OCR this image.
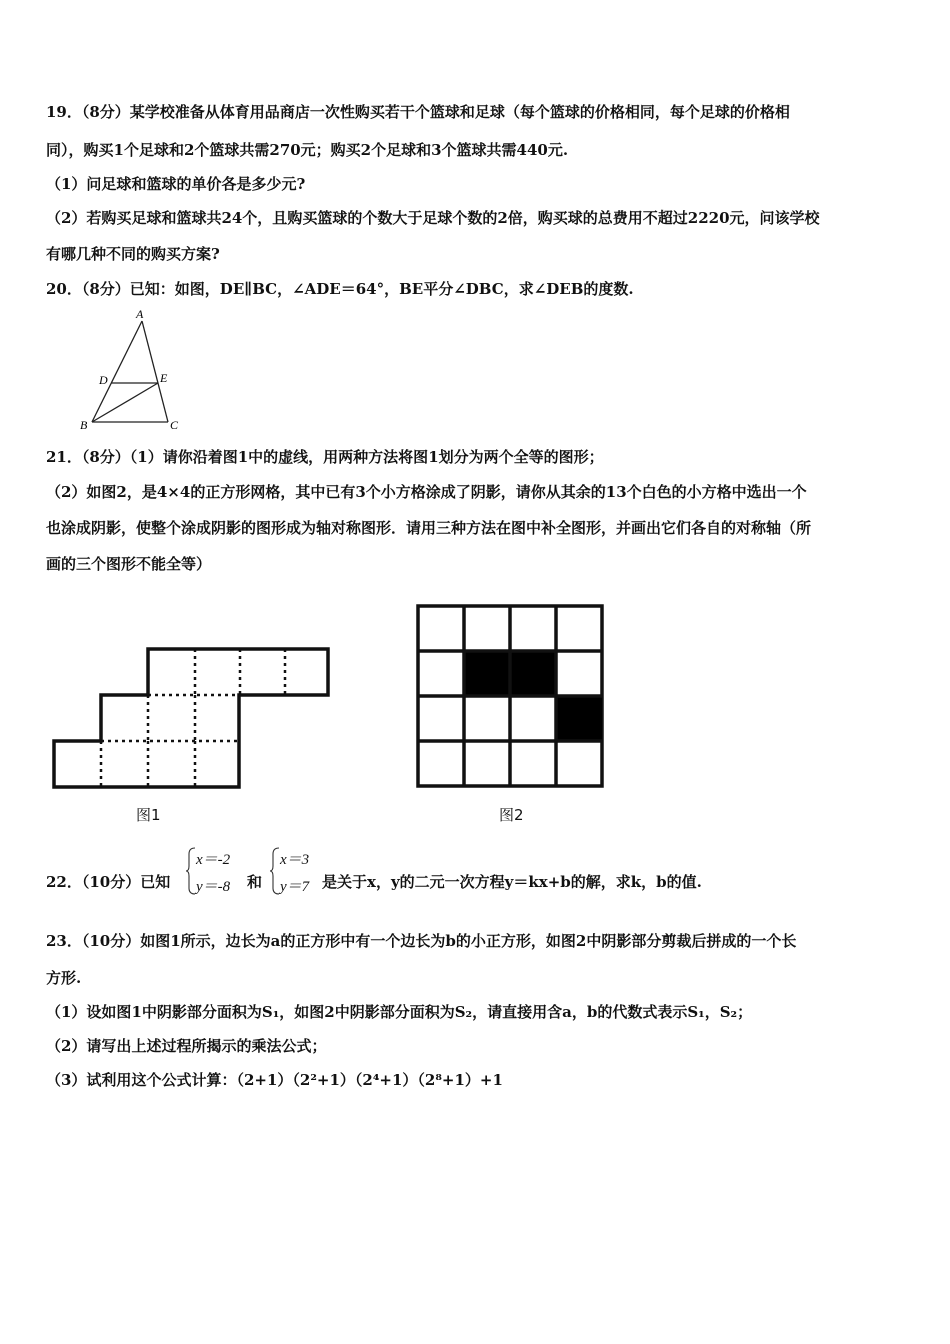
19．（8分）某学校准备从体育用品商店一次性购买若干个篮球和足球（每个篮球的价格相同，每个足球的价格相
同），购买1个足球和2个篮球共需270元；购买2个足球和3个篮球共需440元.
（1）问足球和篮球的单价各是多少元?
（2）若购买足球和篮球共24个，且购买篮球的个数大于足球个数的2倍，购买球的总费用不超过2220元，问该学校
有哪几种不同的购买方案?
20．（8分）已知：如图，DE∥BC，∠ADE＝64°，BE平分∠DBC，求∠DEB的度数.
A
D	E
B	C
21．（8分）（1）请你沿着图1中的虚线，用两种方法将图1划分为两个全等的图形；
（2）如图2，是4×4的正方形网格，其中已有3个小方格涂成了阴影，请你从其余的13个白色的小方格中选出一个
也涂成阴影，使整个涂成阴影的图形成为轴对称图形．请用三种方法在图中补全图形，并画出它们各自的对称轴（所
画的三个图形不能全等）
图1	图2
22．（10分）已知
x＝-2
y＝-8 和
x＝3
y＝7 是关于x，y的二元一次方程y＝kx+b的解，求k，b的值.
23．（10分）如图1所示，边长为a的正方形中有一个边长为b的小正方形，如图2中阴影部分剪裁后拼成的一个长
方形.
（1）设如图1中阴影部分面积为S₁，如图2中阴影部分面积为S₂，请直接用含a，b的代数式表示S₁，S₂；
（2）请写出上述过程所揭示的乘法公式；
（3）试利用这个公式计算：（2+1）（2²+1）（2⁴+1）（2⁸+1）+1
